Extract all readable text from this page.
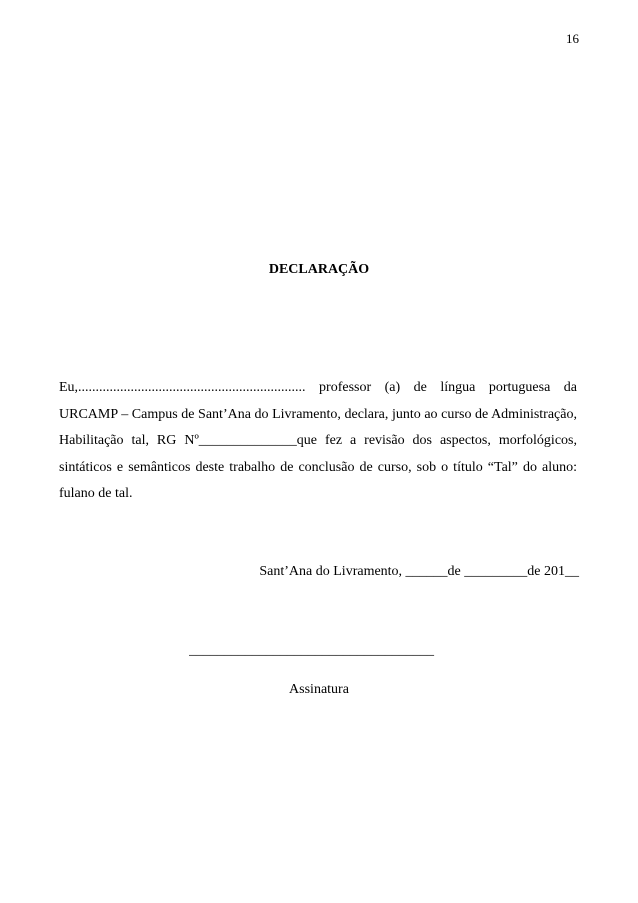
16
DECLARAÇÃO

Eu,................................................................. professor (a) de língua portuguesa da URCAMP – Campus de Sant’Ana do Livramento, declara, junto ao curso de Administração, Habilitação tal, RG Nº______________que fez a revisão dos aspectos, morfológicos, sintáticos e semânticos deste trabalho de conclusão de curso, sob o título “Tal” do aluno: fulano de tal.

Sant’Ana do Livramento, ______de _________de 201__
___________________________________
Assinatura
